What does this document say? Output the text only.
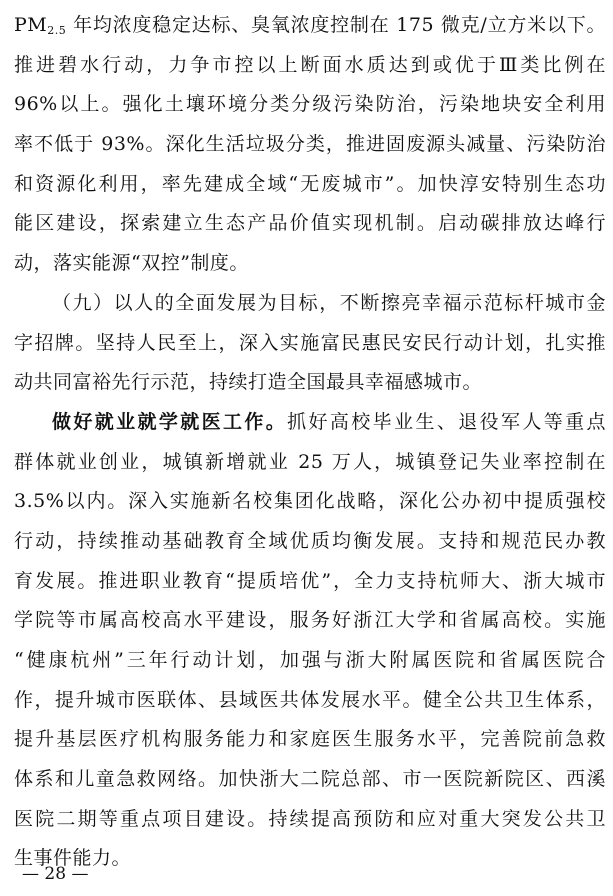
$PM_{2.5}$ 年均浓度稳定达标、臭氧浓度控制在 175 微克/立方米以下。
推进碧水行动，力争市控以上断面水质达到或优于Ⅲ类比例在
96%以上。强化土壤环境分类分级污染防治，污染地块安全利用
率不低于 93%。深化生活垃圾分类，推进固废源头减量、污染防治
和资源化利用，率先建成全域“无废城市”。加快淳安特别生态功
能区建设，探索建立生态产品价值实现机制。启动碳排放达峰行
动，落实能源“双控”制度。
（九）以人的全面发展为目标，不断擦亮幸福示范标杆城市金
字招牌。坚持人民至上，深入实施富民惠民安民行动计划，扎实推
动共同富裕先行示范，持续打造全国最具幸福感城市。
做好就业就学就医工作。抓好高校毕业生、退役军人等重点
群体就业创业，城镇新增就业 25 万人，城镇登记失业率控制在
3.5%以内。深入实施新名校集团化战略，深化公办初中提质强校
行动，持续推动基础教育全域优质均衡发展。支持和规范民办教
育发展。推进职业教育“提质培优”，全力支持杭师大、浙大城市
学院等市属高校高水平建设，服务好浙江大学和省属高校。实施
“健康杭州”三年行动计划，加强与浙大附属医院和省属医院合
作，提升城市医联体、县域医共体发展水平。健全公共卫生体系，
提升基层医疗机构服务能力和家庭医生服务水平，完善院前急救
体系和儿童急救网络。加快浙大二院总部、市一医院新院区、西溪
医院二期等重点项目建设。持续提高预防和应对重大突发公共卫
生事件能力。
— 28 —
